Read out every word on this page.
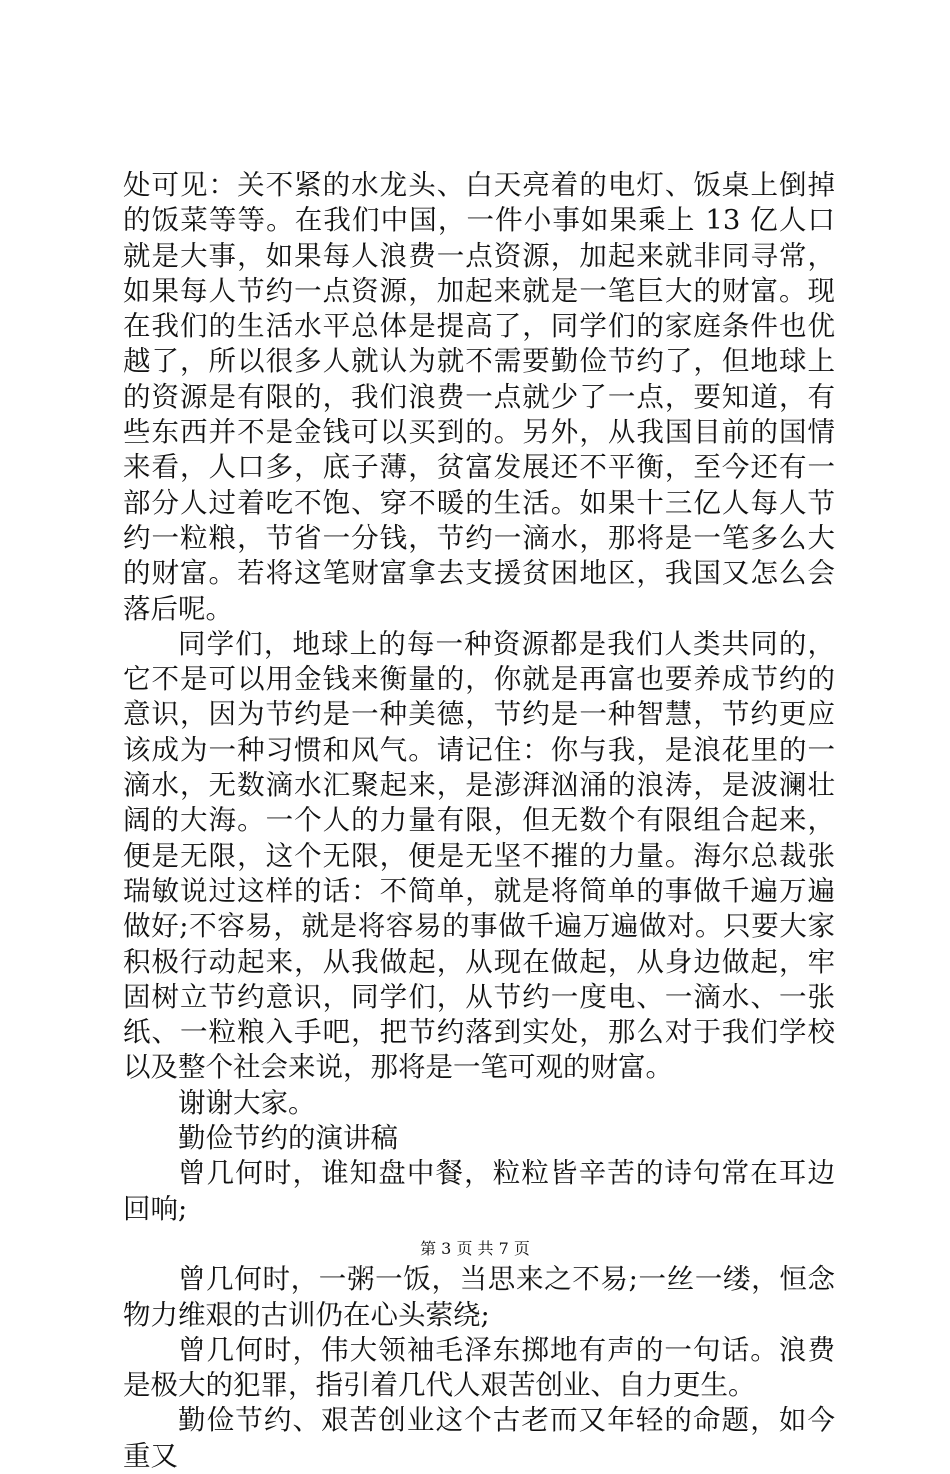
处可见：关不紧的水龙头、白天亮着的电灯、饭桌上倒掉的饭菜等等。在我们中国，一件小事如果乘上 13 亿人口就是大事，如果每人浪费一点资源，加起来就非同寻常，如果每人节约一点资源，加起来就是一笔巨大的财富。现在我们的生活水平总体是提高了，同学们的家庭条件也优越了，所以很多人就认为就不需要勤俭节约了，但地球上的资源是有限的，我们浪费一点就少了一点，要知道，有些东西并不是金钱可以买到的。另外，从我国目前的国情来看，人口多，底子薄，贫富发展还不平衡，至今还有一部分人过着吃不饱、穿不暖的生活。如果十三亿人每人节约一粒粮，节省一分钱，节约一滴水，那将是一笔多么大的财富。若将这笔财富拿去支援贫困地区，我国又怎么会落后呢。

同学们，地球上的每一种资源都是我们人类共同的，它不是可以用金钱来衡量的，你就是再富也要养成节约的意识，因为节约是一种美德，节约是一种智慧，节约更应该成为一种习惯和风气。请记住：你与我，是浪花里的一滴水，无数滴水汇聚起来，是澎湃汹涌的浪涛，是波澜壮阔的大海。一个人的力量有限，但无数个有限组合起来，便是无限，这个无限，便是无坚不摧的力量。海尔总裁张瑞敏说过这样的话：不简单，就是将简单的事做千遍万遍做好;不容易，就是将容易的事做千遍万遍做对。只要大家积极行动起来，从我做起，从现在做起，从身边做起，牢固树立节约意识，同学们，从节约一度电、一滴水、一张纸、一粒粮入手吧，把节约落到实处，那么对于我们学校以及整个社会来说，那将是一笔可观的财富。

谢谢大家。

勤俭节约的演讲稿

曾几何时，谁知盘中餐，粒粒皆辛苦的诗句常在耳边回响;

曾几何时，一粥一饭，当思来之不易;一丝一缕，恒念物力维艰的古训仍在心头萦绕;

曾几何时，伟大领袖毛泽东掷地有声的一句话。浪费是极大的犯罪，指引着几代人艰苦创业、自力更生。

勤俭节约、艰苦创业这个古老而又年轻的命题，如今重又

第 3 页 共 7 页
